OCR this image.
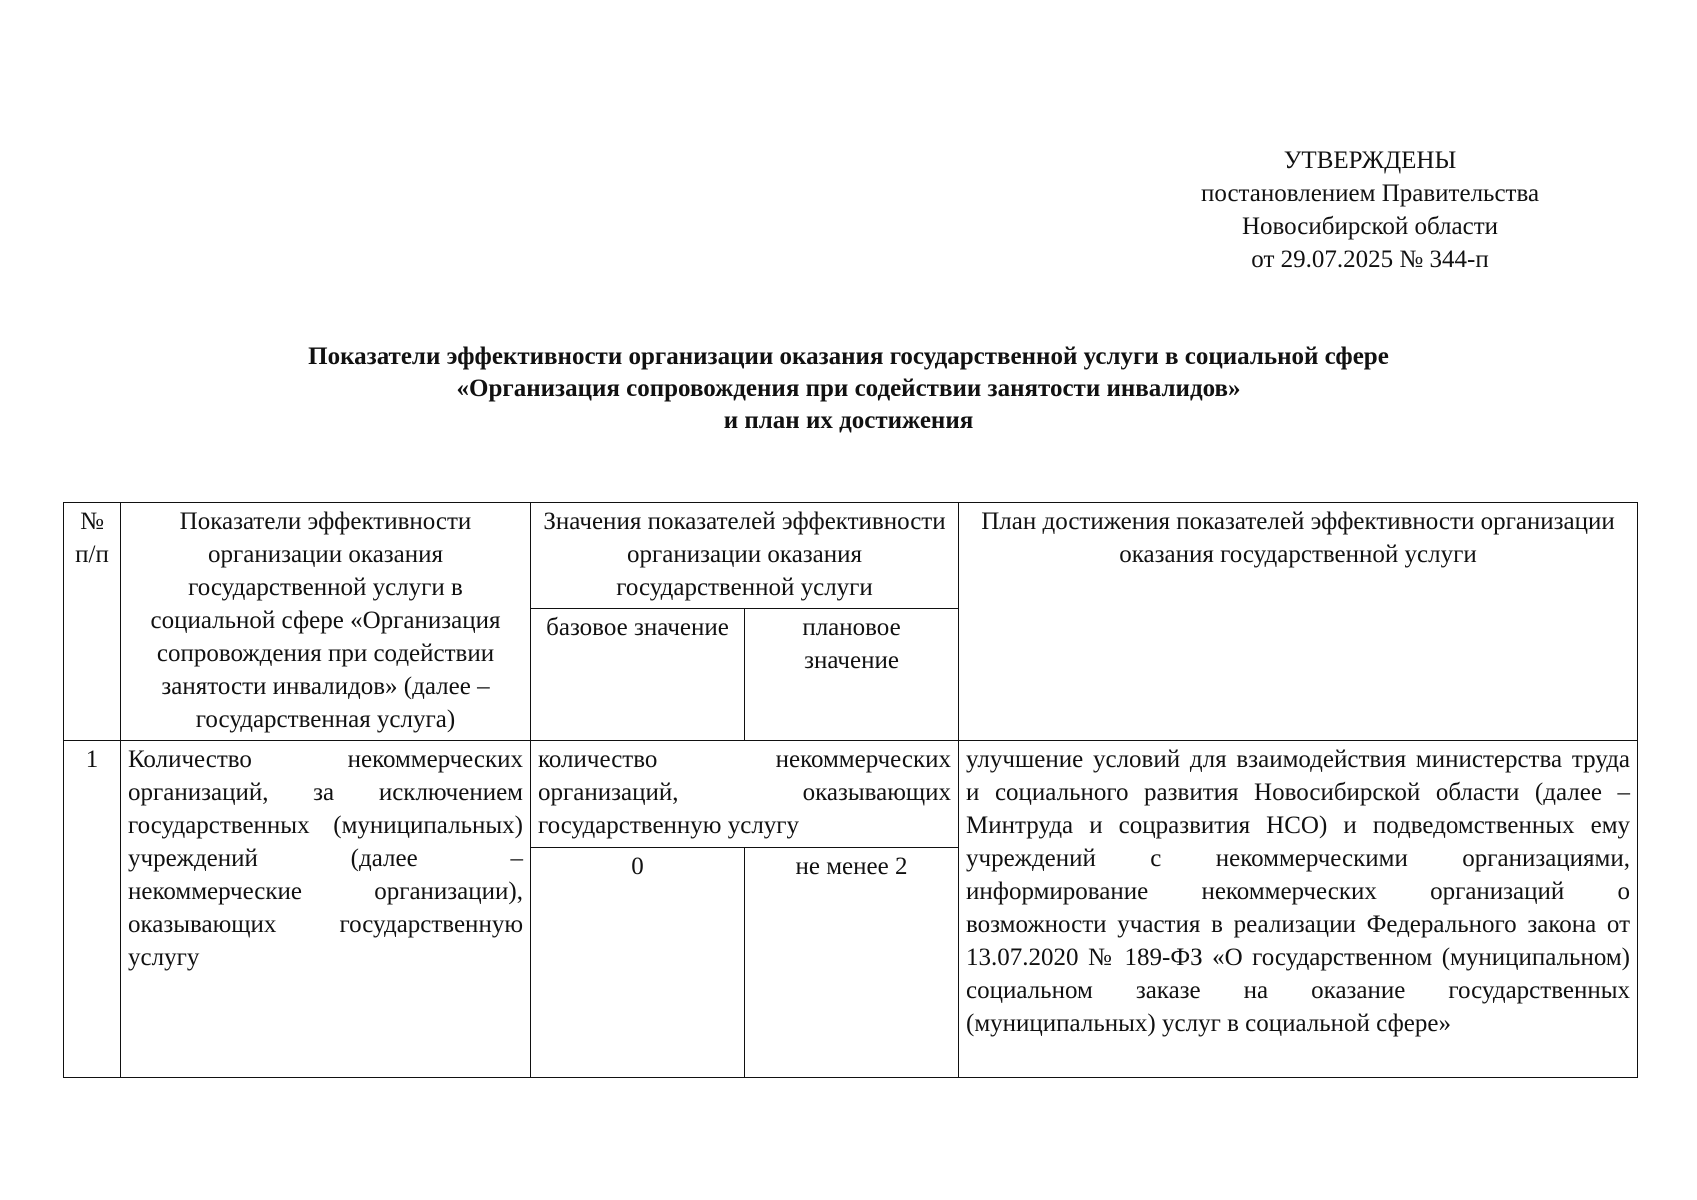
УТВЕРЖДЕНЫ
постановлением Правительства
Новосибирской области
от 29.07.2025 № 344-п
Показатели эффективности организации оказания государственной услуги в социальной сфере
«Организация сопровождения при содействии занятости инвалидов»
и план их достижения
№ п/п	Показатели эффективности организации оказания государственной услуги в социальной сфере «Организация сопровождения при содействии занятости инвалидов» (далее – государственная услуга)	Значения показателей эффективности организации оказания государственной услуги		План достижения показателей эффективности организации оказания государственной услуги
		базовое значение	плановое значение	
1	Количество некоммерческих организаций, за исключением государственных (муниципальных) учреждений (далее – некоммерческие организации), оказывающих государственную услугу	количество некоммерческих организаций, оказывающих государственную услугу		улучшение условий для взаимодействия министерства труда и социального развития Новосибирской области (далее – Минтруда и соцразвития НСО) и подведомственных ему учреждений с некоммерческими организациями, информирование некоммерческих организаций о возможности участия в реализации Федерального закона от 13.07.2020 № 189-ФЗ «О государственном (муниципальном) социальном заказе на оказание государственных (муниципальных) услуг в социальной сфере»
		0	не менее 2	
